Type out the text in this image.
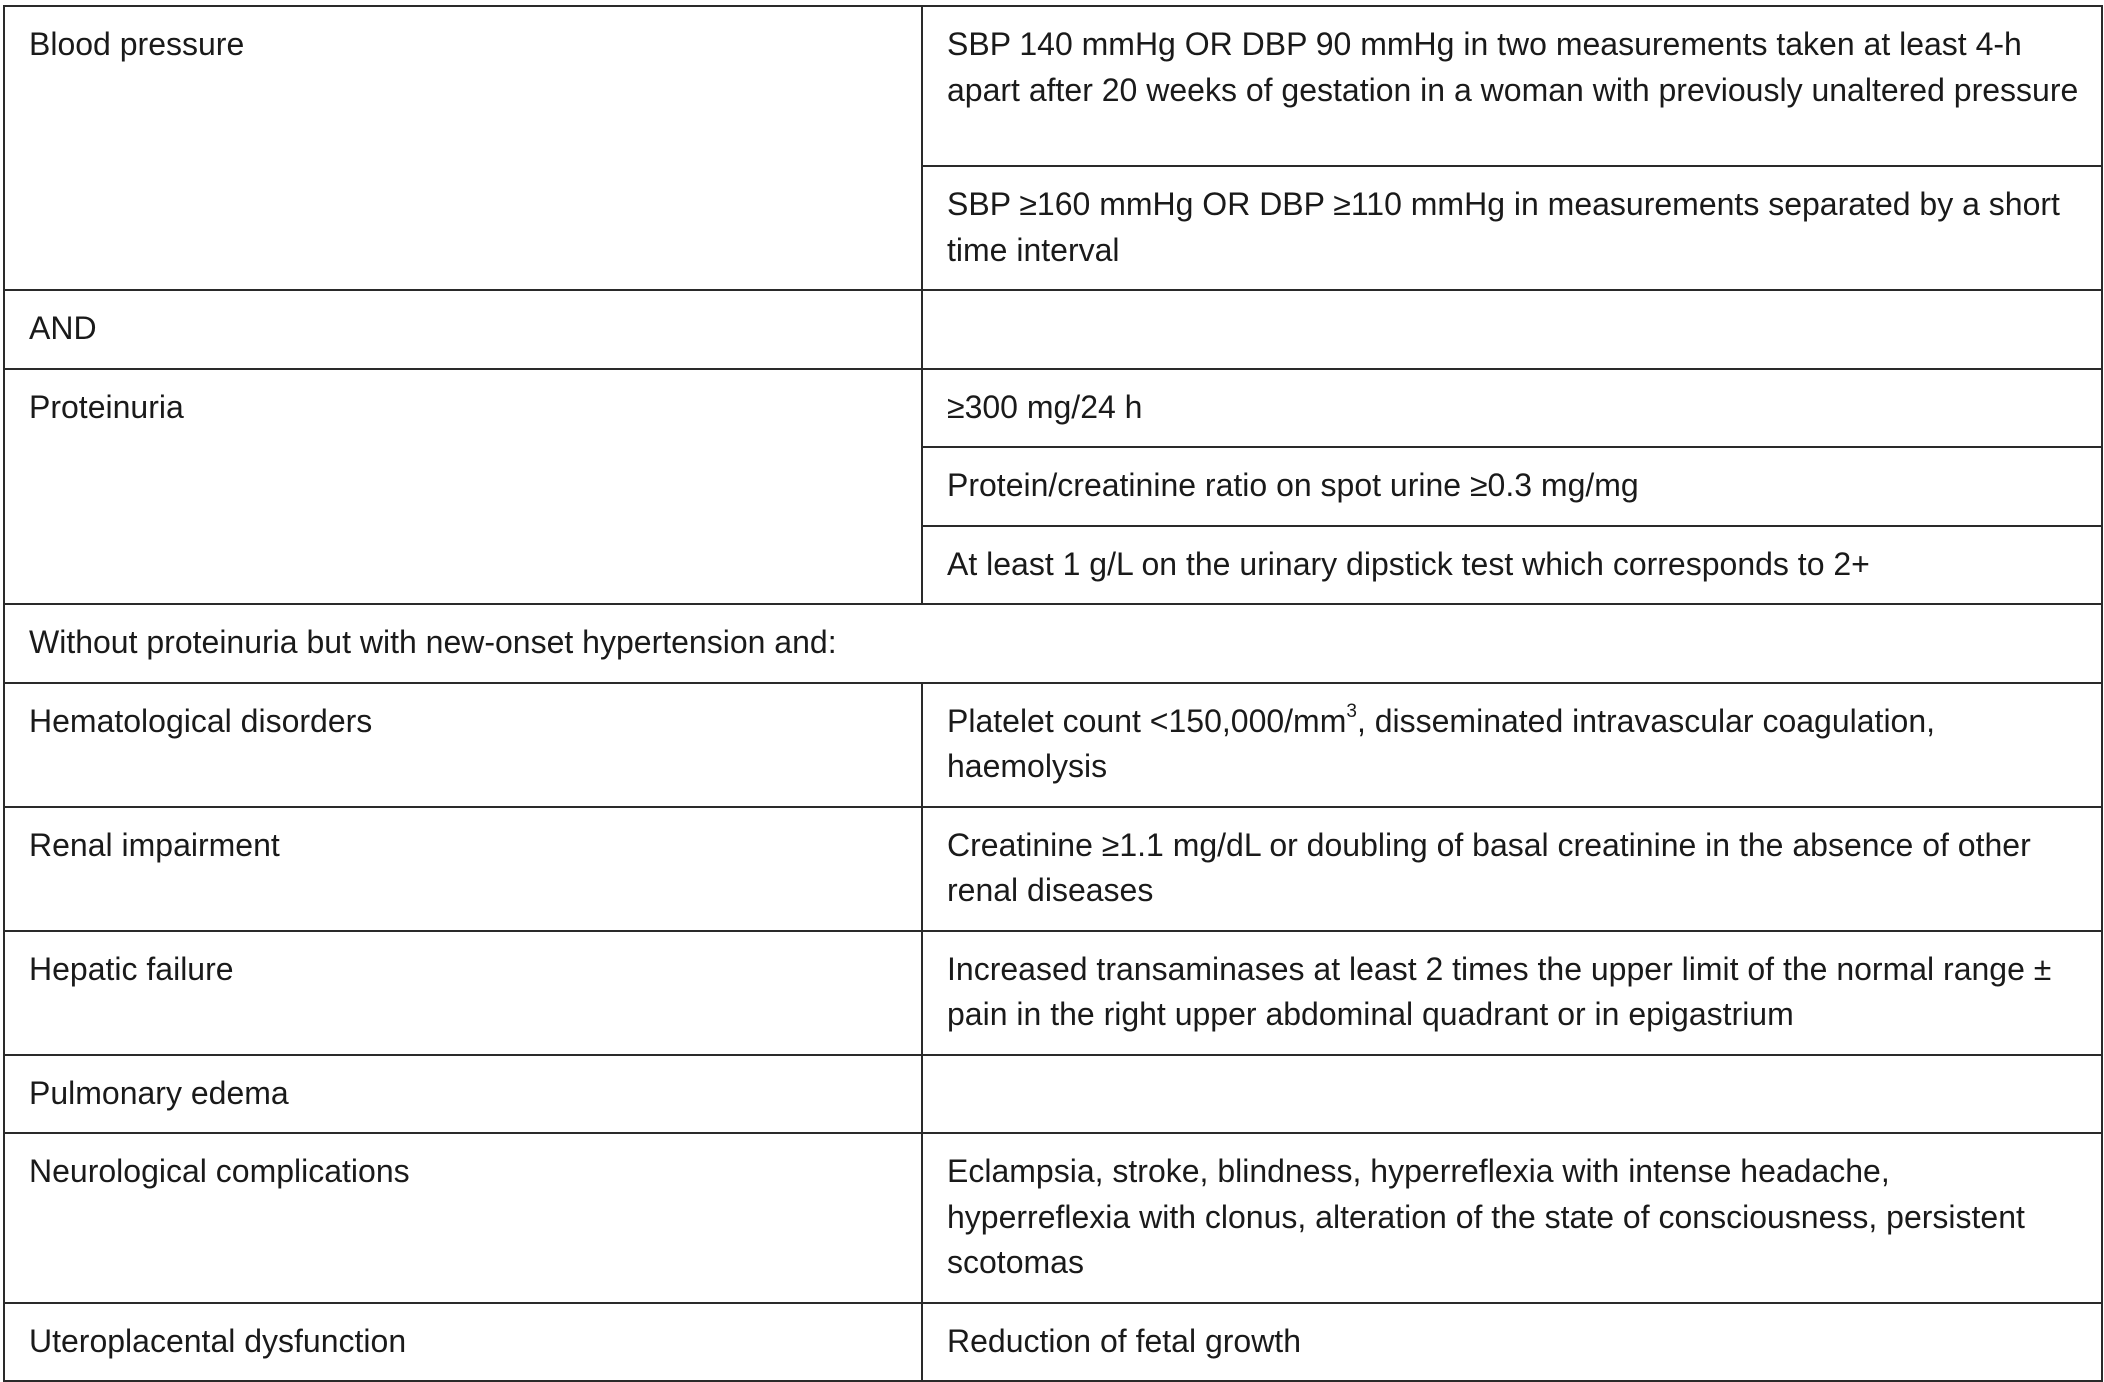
Blood pressure	SBP 140 mmHg OR DBP 90 mmHg in two measurements taken at least 4-h apart after 20 weeks of gestation in a woman with previously unaltered pressure
	SBP ≥160 mmHg OR DBP ≥110 mmHg in measurements separated by a short time interval
AND	
Proteinuria	≥300 mg/24 h
	Protein/creatinine ratio on spot urine ≥0.3 mg/mg
	At least 1 g/L on the urinary dipstick test which corresponds to 2+
Without proteinuria but with new-onset hypertension and:	
Hematological disorders	Platelet count $<150,000/mm^3$, disseminated intravascular coagulation, haemolysis
Renal impairment	Creatinine ≥1.1 mg/dL or doubling of basal creatinine in the absence of other renal diseases
Hepatic failure	Increased transaminases at least 2 times the upper limit of the normal range ± pain in the right upper abdominal quadrant or in epigastrium
Pulmonary edema	
Neurological complications	Eclampsia, stroke, blindness, hyperreflexia with intense headache, hyperreflexia with clonus, alteration of the state of consciousness, persistent scotomas
Uteroplacental dysfunction	Reduction of fetal growth
